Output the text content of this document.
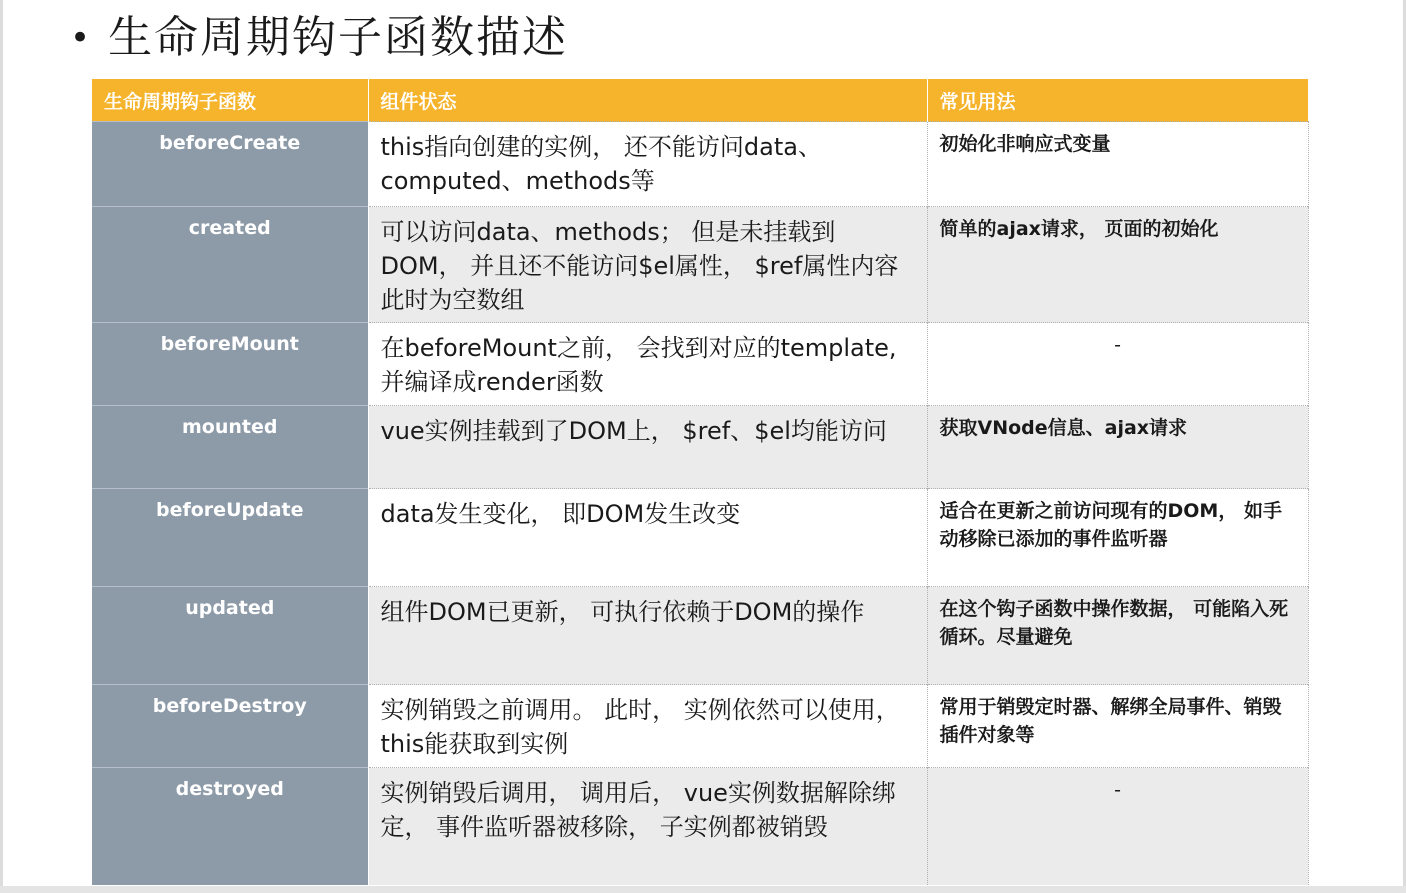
• 生命周期钩子函数描述
生命周期钩子函数	组件状态	常见用法
beforeCreate	this指向创建的实例， 还不能访问data、computed、methods等	初始化非响应式变量
created	可以访问data、methods； 但是未挂载到DOM， 并且还不能访问$el属性， $ref属性内容此时为空数组	简单的ajax请求， 页面的初始化
beforeMount	在beforeMount之前， 会找到对应的template,并编译成render函数	-
mounted	vue实例挂载到了DOM上， $ref、$el均能访问	获取VNode信息、ajax请求
beforeUpdate	data发生变化， 即DOM发生改变	适合在更新之前访问现有的DOM， 如手动移除已添加的事件监听器
updated	组件DOM已更新， 可执行依赖于DOM的操作	在这个钩子函数中操作数据， 可能陷入死循环。尽量避免
beforeDestroy	实例销毁之前调用。 此时， 实例依然可以使用， this能获取到实例	常用于销毁定时器、解绑全局事件、销毁插件对象等
destroyed	实例销毁后调用， 调用后， vue实例数据解除绑定， 事件监听器被移除， 子实例都被销毁	-
